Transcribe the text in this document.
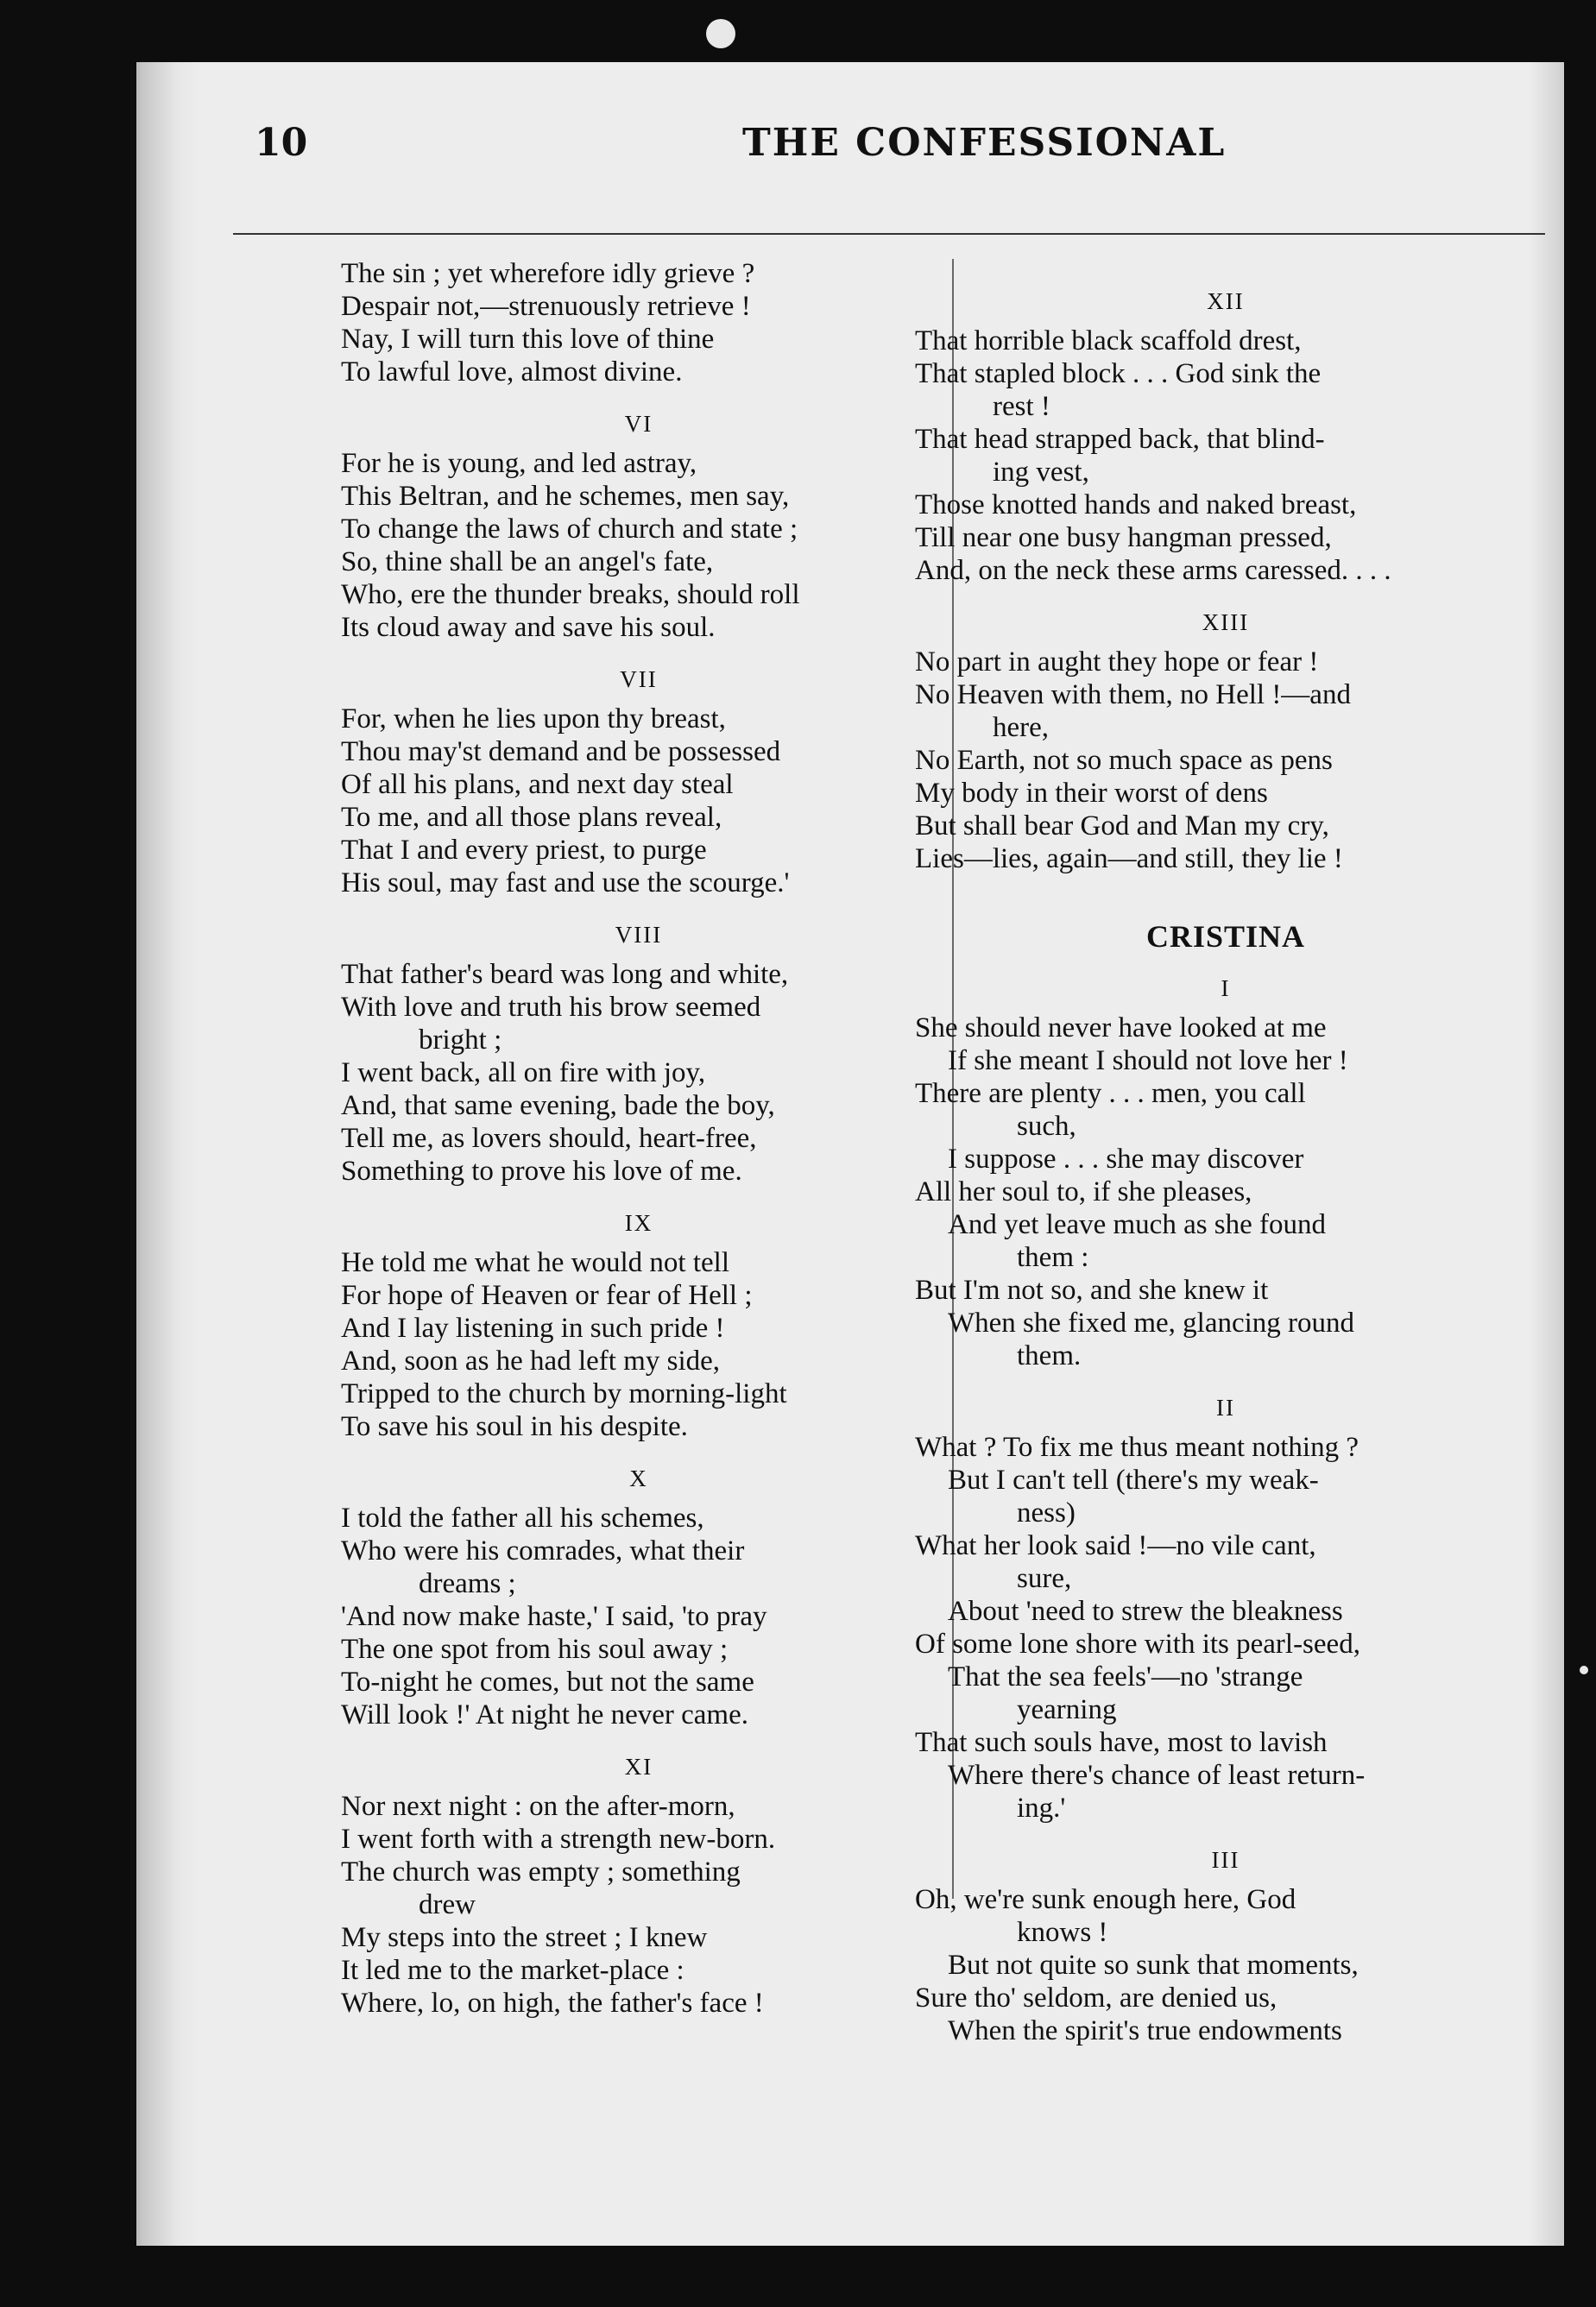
10	THE CONFESSIONAL
The sin ; yet wherefore idly grieve ?
Despair not,—strenuously retrieve !
Nay, I will turn this love of thine
To lawful love, almost divine.
VI
For he is young, and led astray,
This Beltran, and he schemes, men say,
To change the laws of church and state ;
So, thine shall be an angel's fate,
Who, ere the thunder breaks, should roll
Its cloud away and save his soul.
VII
For, when he lies upon thy breast,
Thou may'st demand and be possessed
Of all his plans, and next day steal
To me, and all those plans reveal,
That I and every priest, to purge
His soul, may fast and use the scourge.'
VIII
That father's beard was long and white,
With love and truth his brow seemed
bright ;
I went back, all on fire with joy,
And, that same evening, bade the boy,
Tell me, as lovers should, heart-free,
Something to prove his love of me.
IX
He told me what he would not tell
For hope of Heaven or fear of Hell ;
And I lay listening in such pride !
And, soon as he had left my side,
Tripped to the church by morning-light
To save his soul in his despite.
X
I told the father all his schemes,
Who were his comrades, what their
dreams ;
'And now make haste,' I said, 'to pray
The one spot from his soul away ;
To-night he comes, but not the same
Will look !' At night he never came.
XI
Nor next night : on the after-morn,
I went forth with a strength new-born.
The church was empty ; something
drew
My steps into the street ; I knew
It led me to the market-place :
Where, lo, on high, the father's face !
XII
That horrible black scaffold drest,
That stapled block . . . God sink the
rest !
That head strapped back, that blind-
ing vest,
Those knotted hands and naked breast,
Till near one busy hangman pressed,
And, on the neck these arms caressed. . . .
XIII
No part in aught they hope or fear !
No Heaven with them, no Hell !—and
here,
No Earth, not so much space as pens
My body in their worst of dens
But shall bear God and Man my cry,
Lies—lies, again—and still, they lie !
CRISTINA
I
She should never have looked at me
If she meant I should not love her !
There are plenty . . . men, you call
such,
I suppose . . . she may discover
All her soul to, if she pleases,
And yet leave much as she found
them :
But I'm not so, and she knew it
When she fixed me, glancing round
them.
II
What ? To fix me thus meant nothing ?
But I can't tell (there's my weak-
ness)
What her look said !—no vile cant,
sure,
About 'need to strew the bleakness
Of some lone shore with its pearl-seed,
That the sea feels'—no 'strange
yearning
That such souls have, most to lavish
Where there's chance of least return-
ing.'
III
Oh, we're sunk enough here, God
knows !
But not quite so sunk that moments,
Sure tho' seldom, are denied us,
When the spirit's true endowments
